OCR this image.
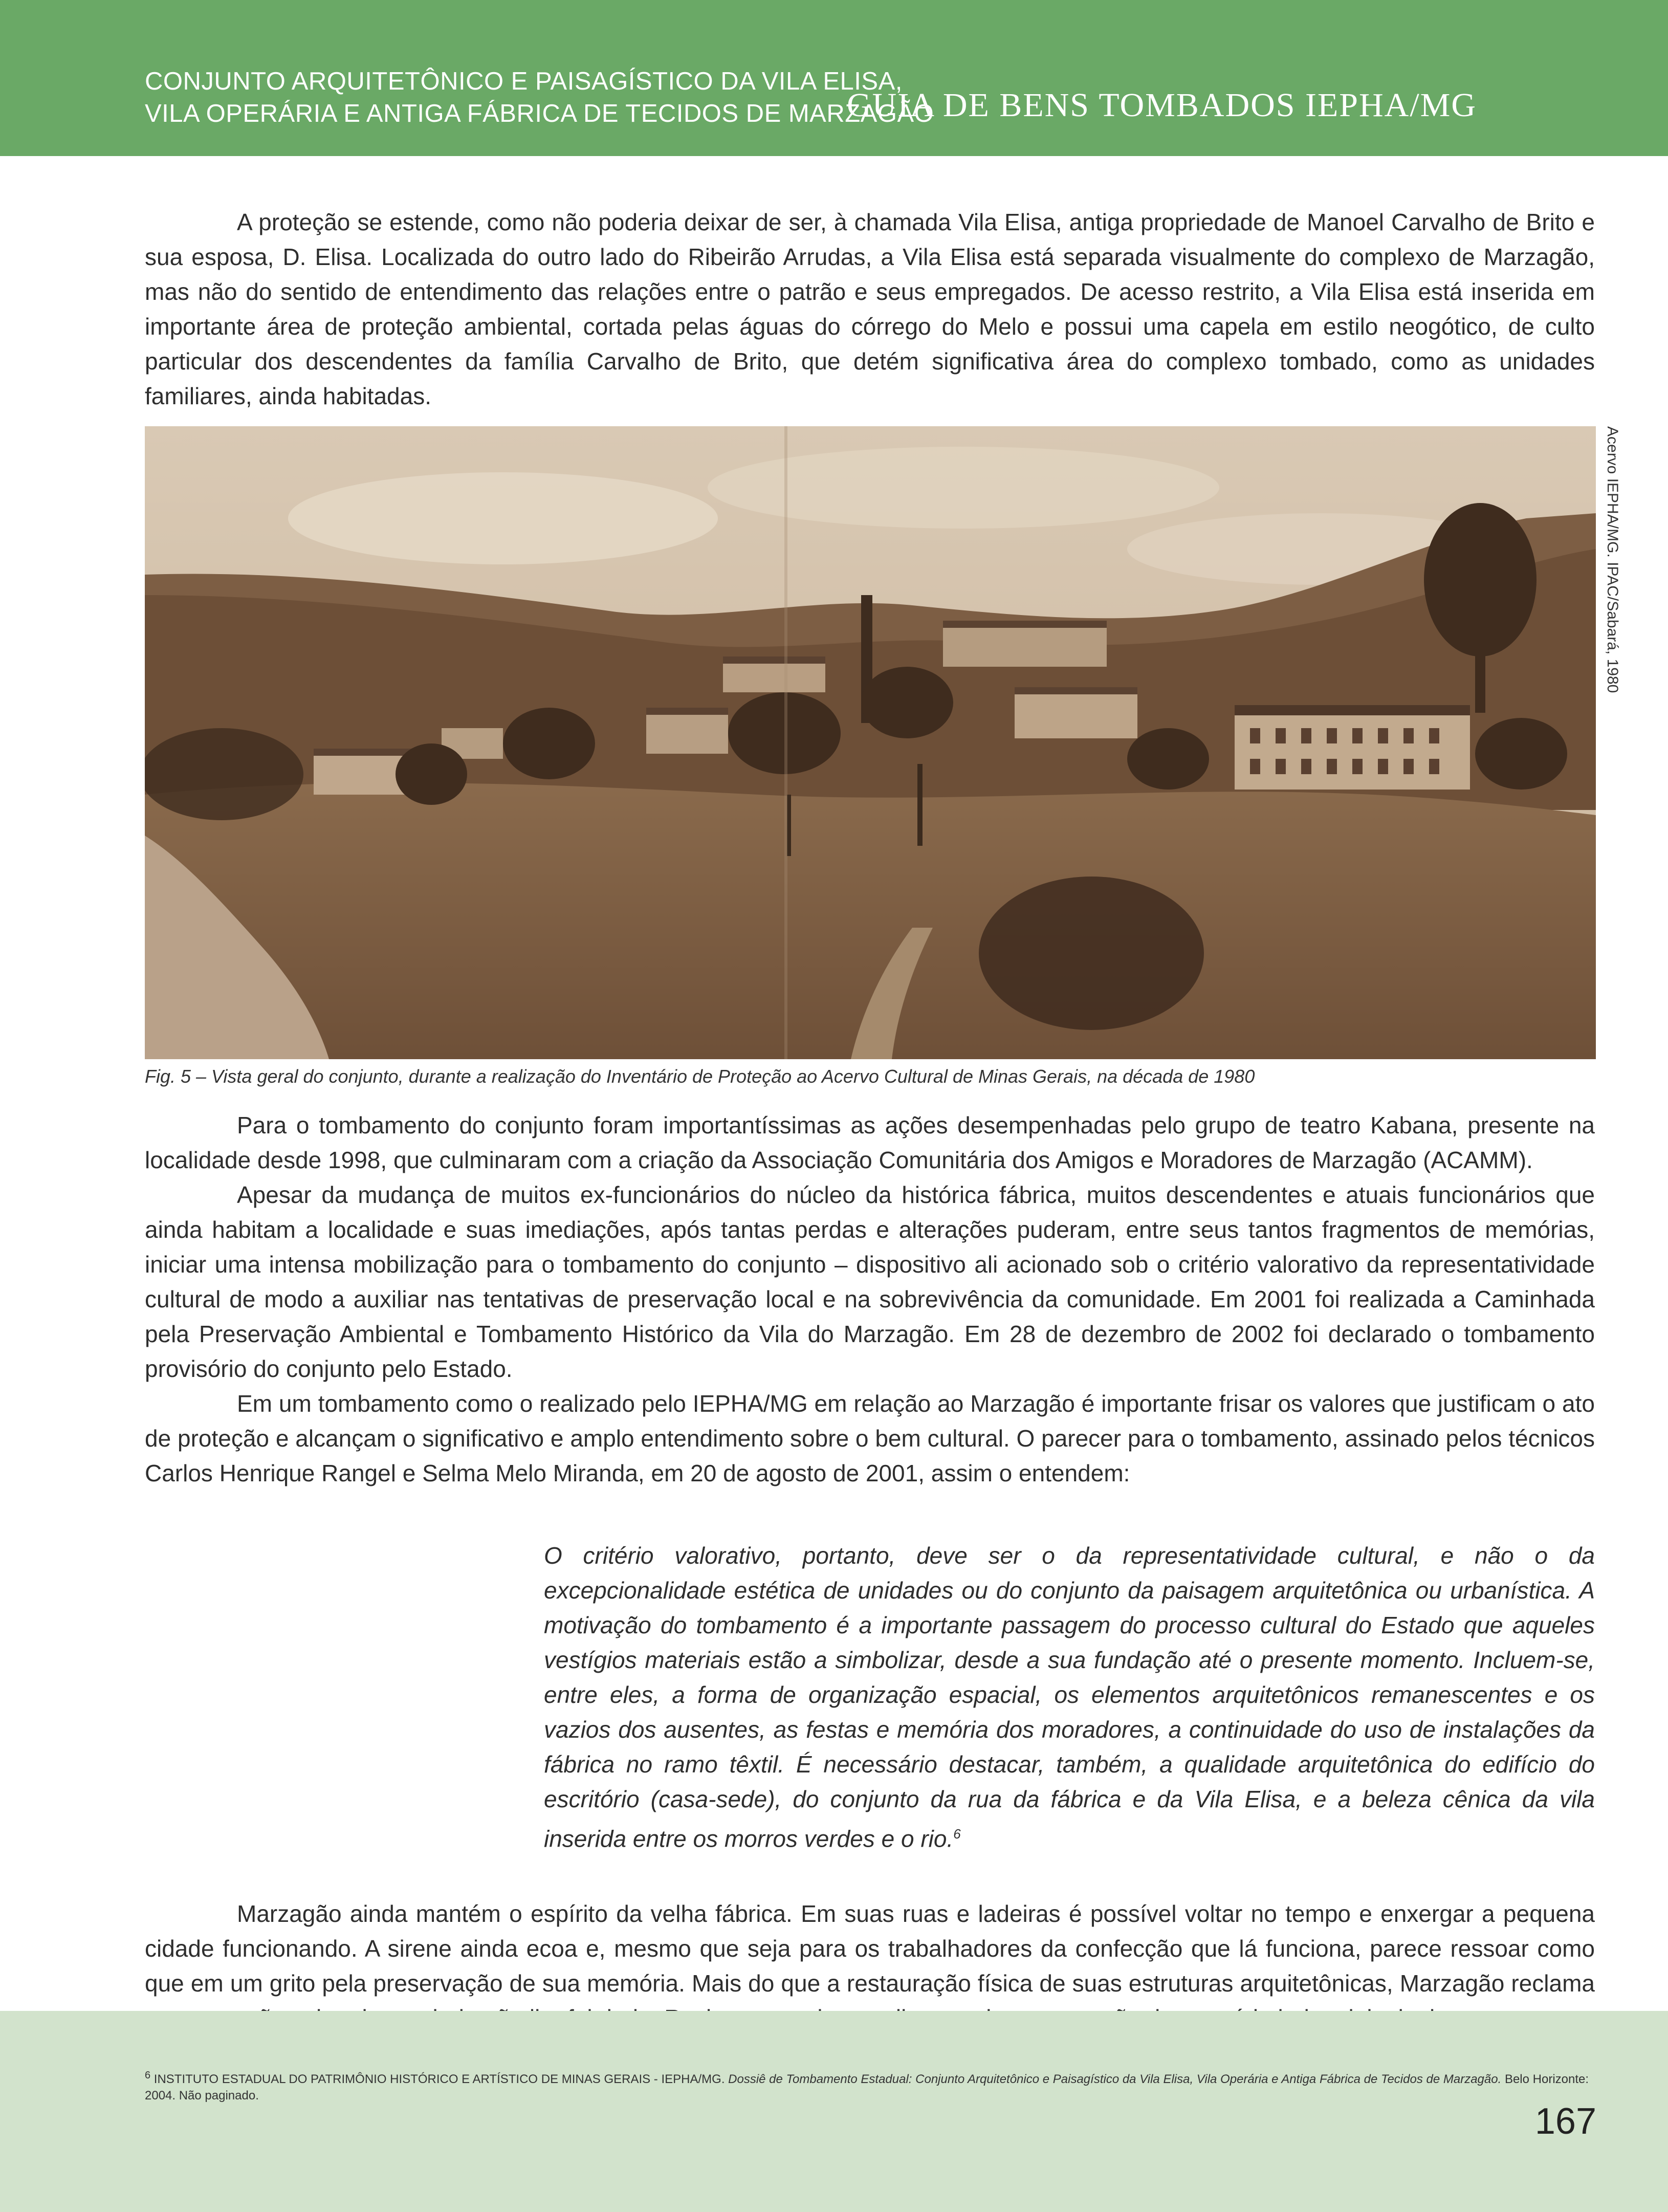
CONJUNTO ARQUITETÔNICO E PAISAGÍSTICO DA VILA ELISA,
VILA OPERÁRIA E ANTIGA FÁBRICA DE TECIDOS DE MARZAGÃO
GUIA DE BENS TOMBADOS IEPHA/MG

A proteção se estende, como não poderia deixar de ser, à chamada Vila Elisa, antiga propriedade de Manoel Carvalho de Brito e sua esposa, D. Elisa. Localizada do outro lado do Ribeirão Arrudas, a Vila Elisa está separada visualmente do complexo de Marzagão, mas não do sentido de entendimento das relações entre o patrão e seus empregados. De acesso restrito, a Vila Elisa está inserida em importante área de proteção ambiental, cortada pelas águas do córrego do Melo e possui uma capela em estilo neogótico, de culto particular dos descendentes da família Carvalho de Brito, que detém significativa área do complexo tombado, como as unidades familiares, ainda habitadas.

Acervo IEPHA/MG. IPAC/Sabará, 1980
Fig. 5 – Vista geral do conjunto, durante a realização do Inventário de Proteção ao Acervo Cultural de Minas Gerais, na década de 1980

Para o tombamento do conjunto foram importantíssimas as ações desempenhadas pelo grupo de teatro Kabana, presente na localidade desde 1998, que culminaram com a criação da Associação Comunitária dos Amigos e Moradores de Marzagão (ACAMM).

Apesar da mudança de muitos ex-funcionários do núcleo da histórica fábrica, muitos descendentes e atuais funcionários que ainda habitam a localidade e suas imediações, após tantas perdas e alterações puderam, entre seus tantos fragmentos de memórias, iniciar uma intensa mobilização para o tombamento do conjunto – dispositivo ali acionado sob o critério valorativo da representatividade cultural de modo a auxiliar nas tentativas de preservação local e na sobrevivência da comunidade. Em 2001 foi realizada a Caminhada pela Preservação Ambiental e Tombamento Histórico da Vila do Marzagão. Em 28 de dezembro de 2002 foi declarado o tombamento provisório do conjunto pelo Estado.

Em um tombamento como o realizado pelo IEPHA/MG em relação ao Marzagão é importante frisar os valores que justificam o ato de proteção e alcançam o significativo e amplo entendimento sobre o bem cultural. O parecer para o tombamento, assinado pelos técnicos Carlos Henrique Rangel e Selma Melo Miranda, em 20 de agosto de 2001, assim o entendem:

O critério valorativo, portanto, deve ser o da representatividade cultural, e não o da excepcionalidade estética de unidades ou do conjunto da paisagem arquitetônica ou urbanística. A motivação do tombamento é a importante passagem do processo cultural do Estado que aqueles vestígios materiais estão a simbolizar, desde a sua fundação até o presente momento. Incluem-se, entre eles, a forma de organização espacial, os elementos arquitetônicos remanescentes e os vazios dos ausentes, as festas e memória dos moradores, a continuidade do uso de instalações da fábrica no ramo têxtil. É necessário destacar, também, a qualidade arquitetônica do edifício do escritório (casa-sede), do conjunto da rua da fábrica e da Vila Elisa, e a beleza cênica da vila inserida entre os morros verdes e o rio.$^6$

Marzagão ainda mantém o espírito da velha fábrica. Em suas ruas e ladeiras é possível voltar no tempo e enxergar a pequena cidade funcionando. A sirene ainda ecoa e, mesmo que seja para os trabalhadores da confecção que lá funciona, parece ressoar como que em um grito pela preservação de sua memória. Mais do que a restauração física de suas estruturas arquitetônicas, Marzagão reclama

$^6$ INSTITUTO ESTADUAL DO PATRIMÔNIO HISTÓRICO E ARTÍSTICO DE MINAS GERAIS - IEPHA/MG. Dossiê de Tombamento Estadual: Conjunto Arquitetônico e Paisagístico da Vila Elisa, Vila Operária e Antiga Fábrica de Tecidos de Marzagão. Belo Horizonte: 2004. Não paginado.
167
